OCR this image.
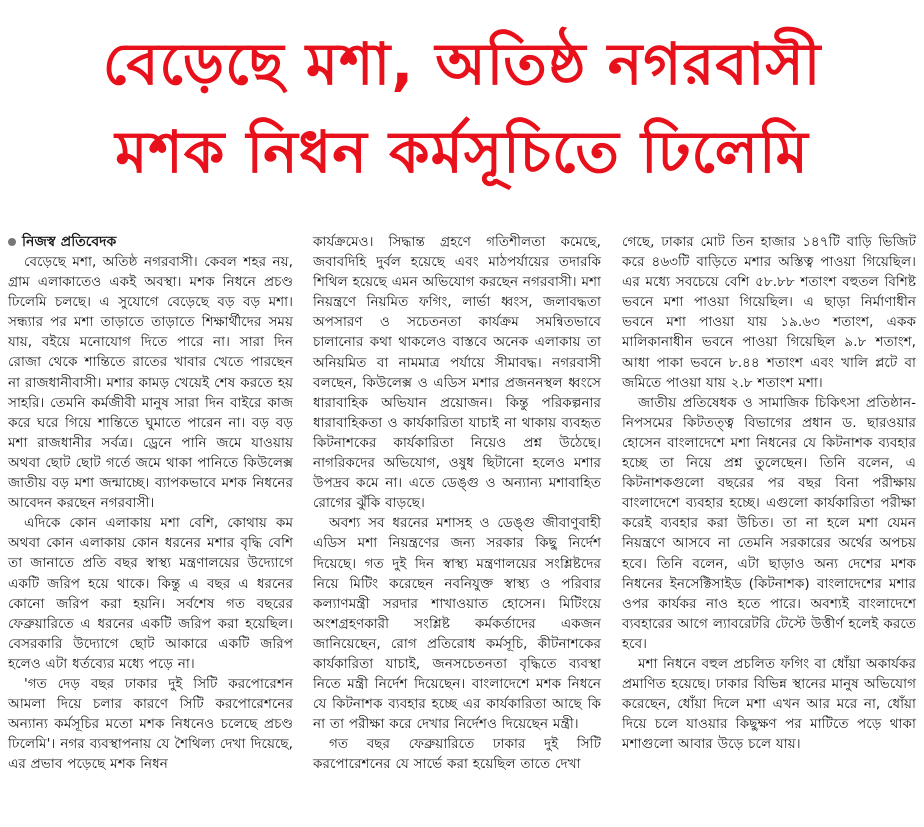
বেড়েছে মশা, অতিষ্ঠ নগরবাসী
মশক নিধন কর্মসূচিতে ঢিলেমি

নিজস্ব প্রতিবেদক

বেড়েছে মশা, অতিষ্ঠ নগরবাসী। কেবল শহর নয়, গ্রাম এলাকাতেও একই অবস্থা। মশক নিধনে প্রচণ্ড ঢিলেমি চলছে। এ সুযোগে বেড়েছে বড় বড় মশা। সন্ধ্যার পর মশা তাড়াতে তাড়াতে শিক্ষার্থীদের সময় যায়, বইয়ে মনোযোগ দিতে পারে না। সারা দিন রোজা থেকে শান্তিতে রাতের খাবার খেতে পারছেন না রাজধানীবাসী। মশার কামড় খেয়েই শেষ করতে হয় সাহরি। তেমনি কর্মজীবী মানুষ সারা দিন বাইরে কাজ করে ঘরে গিয়ে শান্তিতে ঘুমাতে পারেন না। বড় বড় মশা রাজধানীর সর্বত্র। ড্রেনে পানি জমে যাওয়ায় অথবা ছোট ছোট গর্তে জমে থাকা পানিতে কিউলেক্স জাতীয় বড় মশা জন্মাচ্ছে। ব্যাপকভাবে মশক নিধনের আবেদন করছেন নগরবাসী।

এদিকে কোন এলাকায় মশা বেশি, কোথায় কম অথবা কোন এলাকায় কোন ধরনের মশার বৃদ্ধি বেশি তা জানাতে প্রতি বছর স্বাস্থ্য মন্ত্রণালয়ের উদ্যোগে একটি জরিপ হয়ে থাকে। কিন্তু এ বছর এ ধরনের কোনো জরিপ করা হয়নি। সর্বশেষ গত বছরের ফেব্রুয়ারিতে এ ধরনের একটি জরিপ করা হয়েছিল। বেসরকারি উদ্যোগে ছোট আকারে একটি জরিপ হলেও এটা ধর্তব্যের মধ্যে পড়ে না।

'গত দেড় বছর ঢাকার দুই সিটি করপোরেশন আমলা দিয়ে চলার কারণে সিটি করপোরেশনের অন্যান্য কর্মসূচির মতো মশক নিধনেও চলেছে প্রচণ্ড ঢিলেমি'। নগর ব্যবস্থাপনায় যে শৈথিল্য দেখা দিয়েছে, এর প্রভাব পড়েছে মশক নিধন

কার্যক্রমেও। সিদ্ধান্ত গ্রহণে গতিশীলতা কমেছে, জবাবদিহি দুর্বল হয়েছে এবং মাঠপর্যায়ের তদারকি শিথিল হয়েছে এমন অভিযোগ করছেন নগরবাসী। মশা নিয়ন্ত্রণে নিয়মিত ফগিং, লার্ভা ধ্বংস, জলাবদ্ধতা অপসারণ ও সচেতনতা কার্যক্রম সমন্বিতভাবে চালানোর কথা থাকলেও বাস্তবে অনেক এলাকায় তা অনিয়মিত বা নামমাত্র পর্যায়ে সীমাবদ্ধ। নগরবাসী বলছেন, কিউলেক্স ও এডিস মশার প্রজননস্থল ধ্বংসে ধারাবাহিক অভিযান প্রয়োজন। কিন্তু পরিকল্পনার ধারাবাহিকতা ও কার্যকারিতা যাচাই না থাকায় ব্যবহৃত কিটনাশকের কার্যকারিতা নিয়েও প্রশ্ন উঠেছে। নাগরিকদের অভিযোগ, ওষুধ ছিটানো হলেও মশার উপদ্রব কমে না। এতে ডেঙ্গু ও অন্যান্য মশাবাহিত রোগের ঝুঁকি বাড়ছে।

অবশ্য সব ধরনের মশাসহ ও ডেঙ্গু জীবাণুবাহী এডিস মশা নিয়ন্ত্রণের জন্য সরকার কিছু নির্দেশ দিয়েছে। গত দুই দিন স্বাস্থ্য মন্ত্রণালয়ের সংশ্লিষ্টদের নিয়ে মিটিং করেছেন নবনিযুক্ত স্বাস্থ্য ও পরিবার কল্যাণমন্ত্রী সরদার শাখাওয়াত হোসেন। মিটিংয়ে অংশগ্রহণকারী সংশ্লিষ্ট কর্মকর্তাদের একজন জানিয়েছেন, রোগ প্রতিরোধ কর্মসূচি, কীটনাশকের কার্যকারিতা যাচাই, জনসচেতনতা বৃদ্ধিতে ব্যবস্থা নিতে মন্ত্রী নির্দেশ দিয়েছেন। বাংলাদেশে মশক নিধনে যে কিটনাশক ব্যবহার হচ্ছে এর কার্যকারিতা আছে কি না তা পরীক্ষা করে দেখার নির্দেশও দিয়েছেন মন্ত্রী।

গত বছর ফেব্রুয়ারিতে ঢাকার দুই সিটি করপোরেশনের যে সার্ভে করা হয়েছিল তাতে দেখা

গেছে, ঢাকার মোট তিন হাজার ১৪৭টি বাড়ি ভিজিট করে ৪৬৩টি বাড়িতে মশার অস্তিত্ব পাওয়া গিয়েছিল। এর মধ্যে সবচেয়ে বেশি ৫৮.৮৮ শতাংশ বহুতল বিশিষ্ট ভবনে মশা পাওয়া গিয়েছিল। এ ছাড়া নির্মাণাধীন ভবনে মশা পাওয়া যায় ১৯.৬৩ শতাংশ, একক মালিকানাধীন ভবনে পাওয়া গিয়েছিল ৯.৮ শতাংশ, আধা পাকা ভবনে ৮.৪৪ শতাংশ এবং খালি প্লটে বা জমিতে পাওয়া যায় ২.৮ শতাংশ মশা।

জাতীয় প্রতিষেধক ও সামাজিক চিকিৎসা প্রতিষ্ঠান-নিপসমের কিটতত্ত্ব বিভাগের প্রধান ড. ছারওয়ার হোসেন বাংলাদেশে মশা নিধনের যে কিটনাশক ব্যবহার হচ্ছে তা নিয়ে প্রশ্ন তুলেছেন। তিনি বলেন, এ কিটনাশকগুলো বছরের পর বছর বিনা পরীক্ষায় বাংলাদেশে ব্যবহার হচ্ছে। এগুলো কার্যকারিতা পরীক্ষা করেই ব্যবহার করা উচিত। তা না হলে মশা যেমন নিয়ন্ত্রণে আসবে না তেমনি সরকারের অর্থের অপচয় হবে। তিনি বলেন, এটা ছাড়াও অন্য দেশের মশক নিধনের ইনসেক্টিসাইড (কিটনাশক) বাংলাদেশের মশার ওপর কার্যকর নাও হতে পারে। অবশ্যই বাংলাদেশে ব্যবহারের আগে ল্যাবরেটরি টেস্টে উত্তীর্ণ হলেই করতে হবে।

মশা নিধনে বহুল প্রচলিত ফগিং বা ধোঁয়া অকার্যকর প্রমাণিত হয়েছে। ঢাকার বিভিন্ন স্থানের মানুষ অভিযোগ করেছেন, ধোঁয়া দিলে মশা এখন আর মরে না, ধোঁয়া দিয়ে চলে যাওয়ার কিছুক্ষণ পর মাটিতে পড়ে থাকা মশাগুলো আবার উড়ে চলে যায়।
